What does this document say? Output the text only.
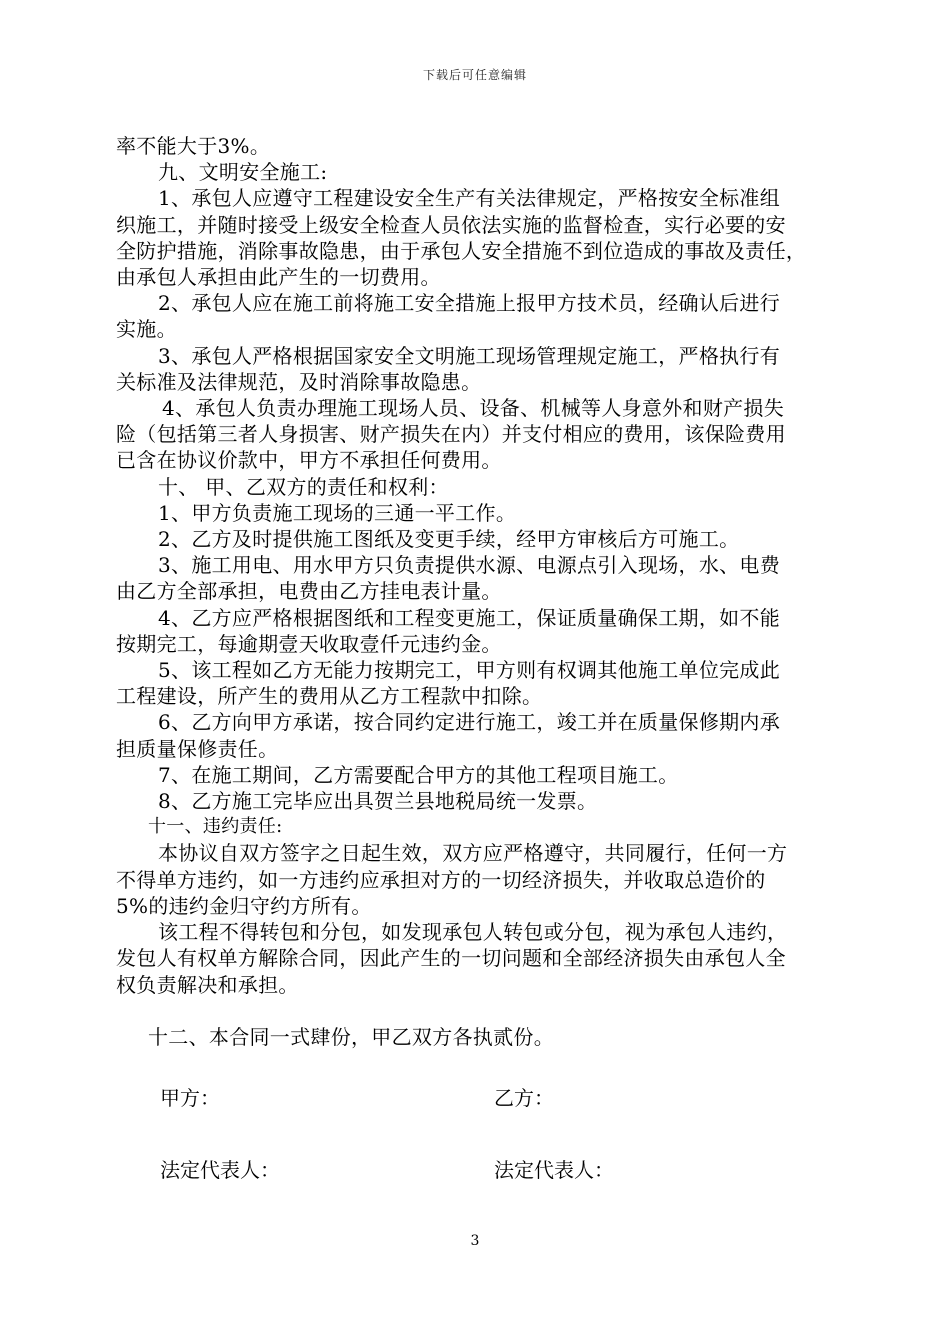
下载后可任意编辑

率不能大于3%。

九、文明安全施工:

1、承包人应遵守工程建设安全生产有关法律规定，严格按安全标准组

织施工，并随时接受上级安全检查人员依法实施的监督检查，实行必要的安

全防护措施，消除事故隐患，由于承包人安全措施不到位造成的事故及责任，

由承包人承担由此产生的一切费用。

2、承包人应在施工前将施工安全措施上报甲方技术员，经确认后进行

实施。

3、承包人严格根据国家安全文明施工现场管理规定施工，严格执行有

关标准及法律规范，及时消除事故隐患。

4、承包人负责办理施工现场人员、设备、机械等人身意外和财产损失

险（包括第三者人身损害、财产损失在内）并支付相应的费用，该保险费用

已含在协议价款中，甲方不承担任何费用。

十、 甲、乙双方的责任和权利：

1、甲方负责施工现场的三通一平工作。

2、乙方及时提供施工图纸及变更手续，经甲方审核后方可施工。

3、施工用电、用水甲方只负责提供水源、电源点引入现场，水、电费

由乙方全部承担，电费由乙方挂电表计量。

4、乙方应严格根据图纸和工程变更施工，保证质量确保工期，如不能

按期完工，每逾期壹天收取壹仟元违约金。

5、该工程如乙方无能力按期完工，甲方则有权调其他施工单位完成此

工程建设，所产生的费用从乙方工程款中扣除。

6、乙方向甲方承诺，按合同约定进行施工，竣工并在质量保修期内承

担质量保修责任。

7、在施工期间，乙方需要配合甲方的其他工程项目施工。

8、乙方施工完毕应出具贺兰县地税局统一发票。

十一、违约责任:

本协议自双方签字之日起生效，双方应严格遵守，共同履行，任何一方

不得单方违约，如一方违约应承担对方的一切经济损失，并收取总造价的

5%的违约金归守约方所有。

该工程不得转包和分包，如发现承包人转包或分包，视为承包人违约，

发包人有权单方解除合同，因此产生的一切问题和全部经济损失由承包人全

权负责解决和承担。

十二、本合同一式肆份，甲乙双方各执贰份。

甲方：	乙方：
法定代表人：	法定代表人：
3
